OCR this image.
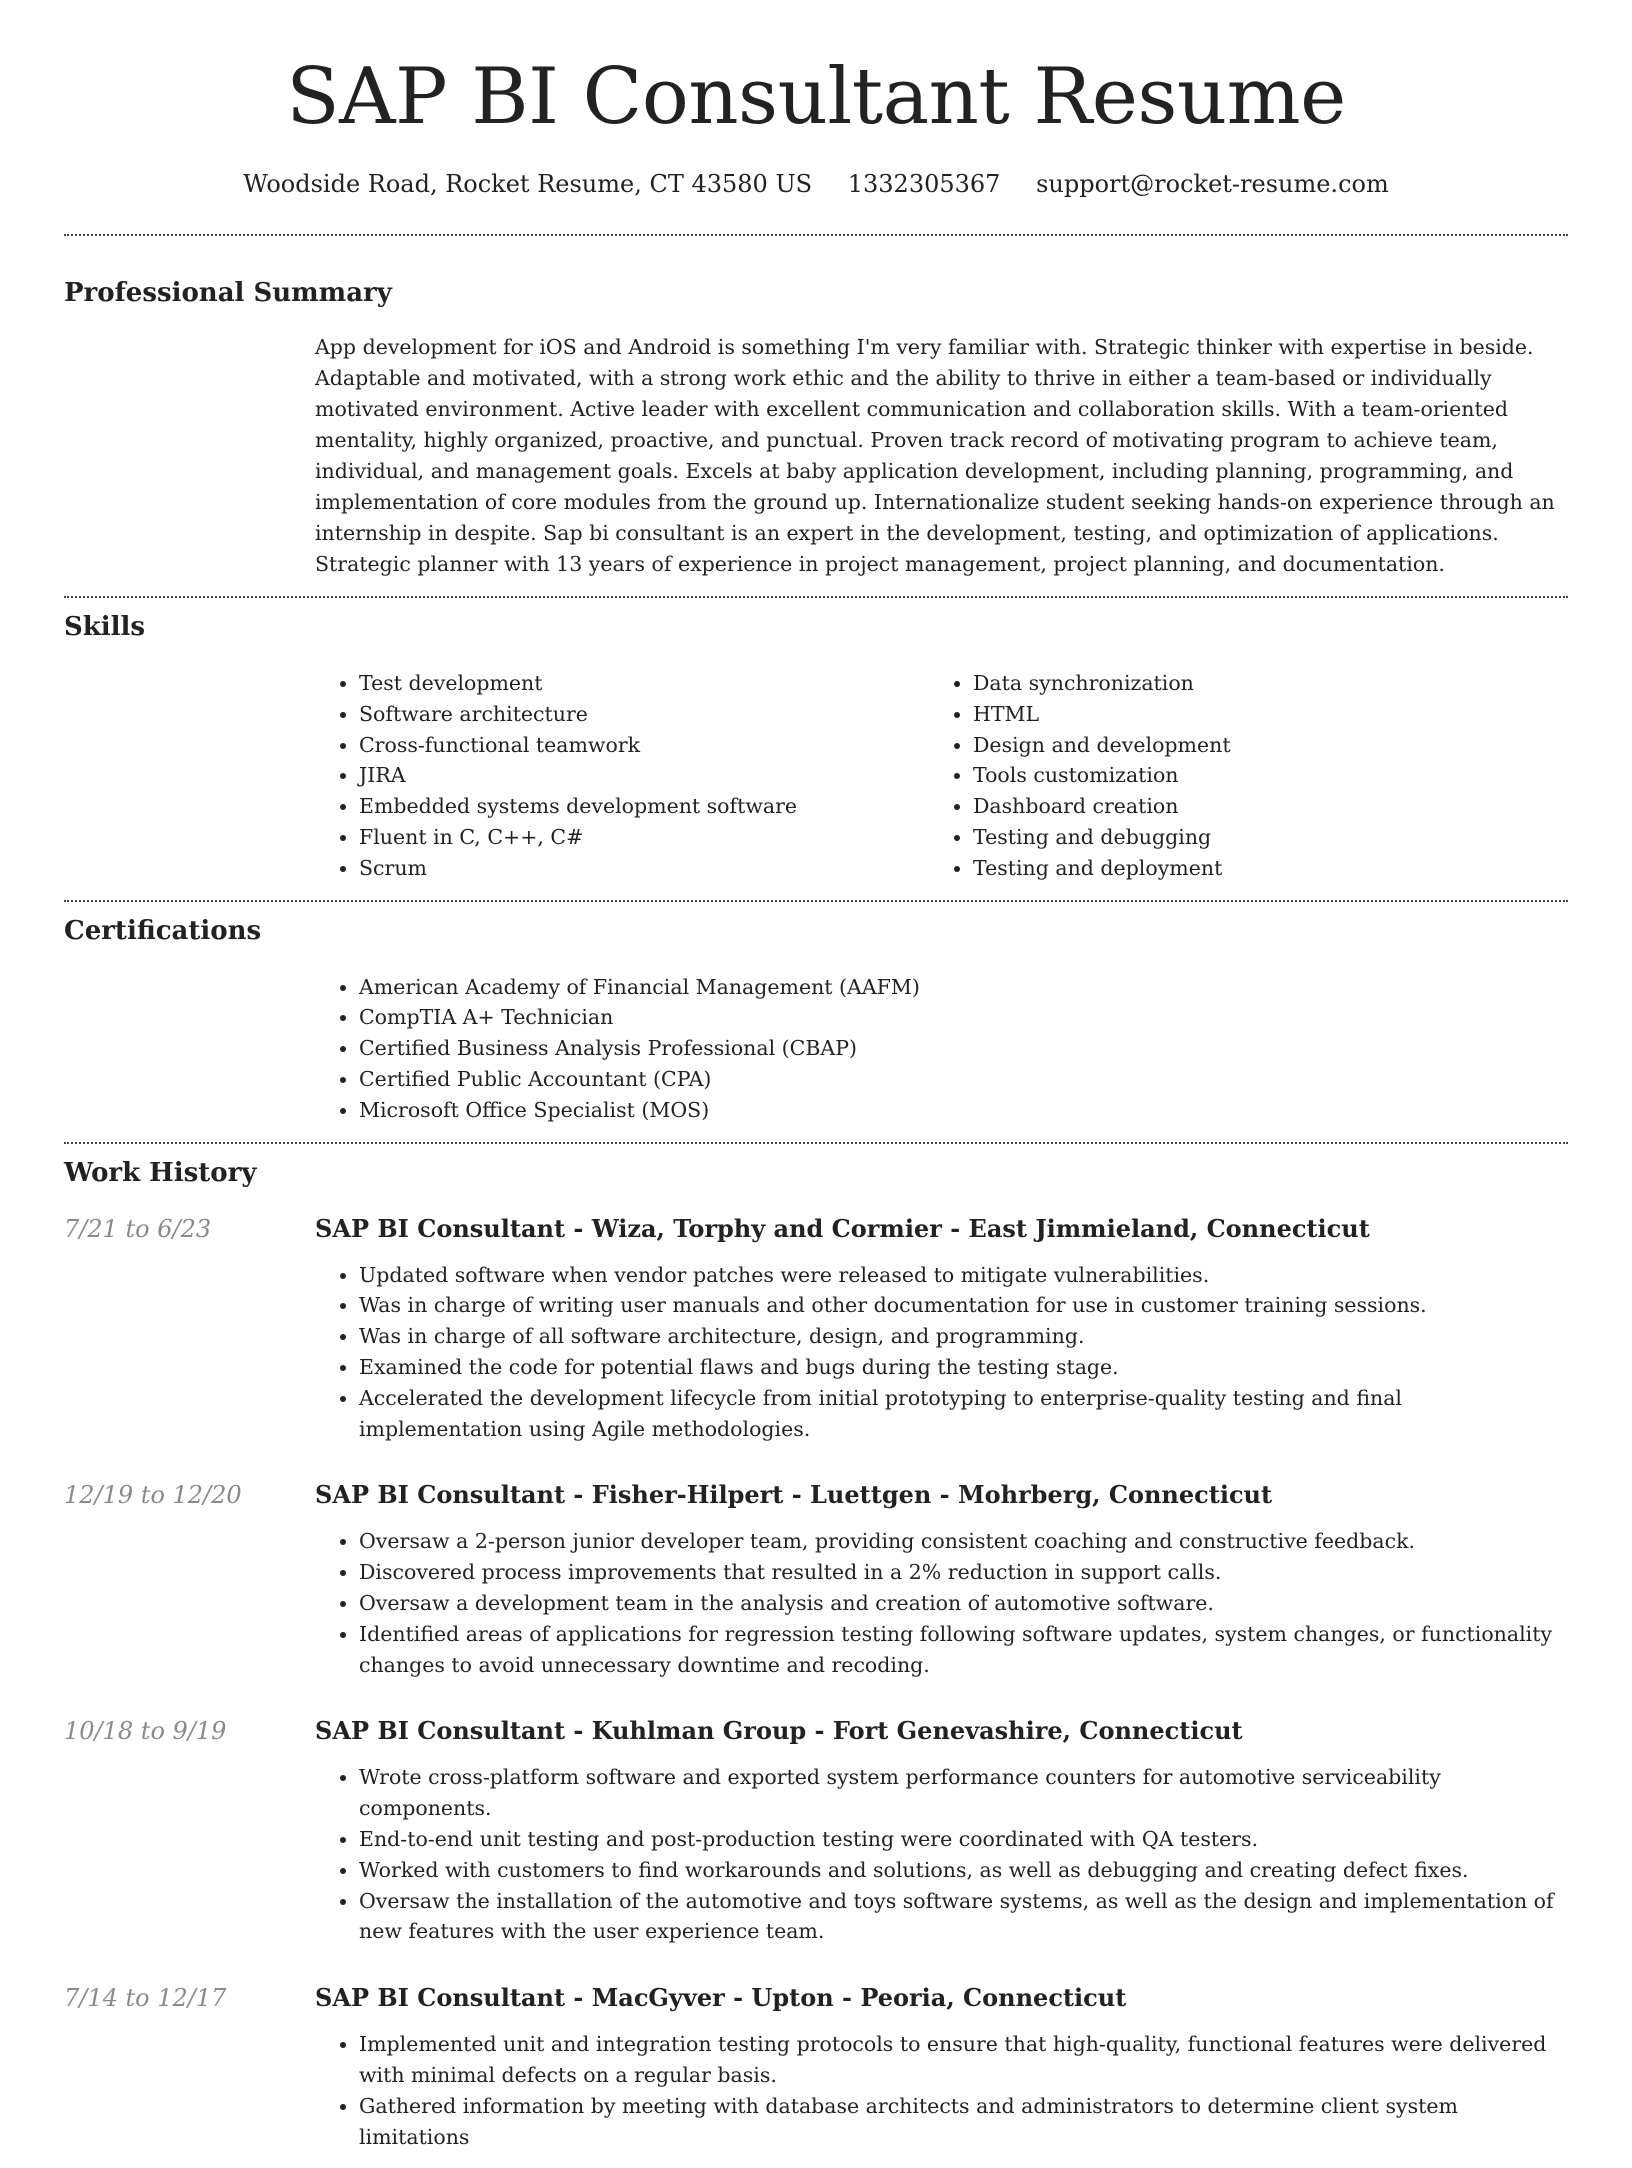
SAP BI Consultant Resume
Woodside Road, Rocket Resume, CT 43580 US 1332305367 support@rocket-resume.com
Professional Summary

App development for iOS and Android is something I'm very familiar with. Strategic thinker with expertise in beside. Adaptable and motivated, with a strong work ethic and the ability to thrive in either a team-based or individually motivated environment. Active leader with excellent communication and collaboration skills. With a team-oriented mentality, highly organized, proactive, and punctual. Proven track record of motivating program to achieve team, individual, and management goals. Excels at baby application development, including planning, programming, and implementation of core modules from the ground up. Internationalize student seeking hands-on experience through an internship in despite. Sap bi consultant is an expert in the development, testing, and optimization of applications. Strategic planner with 13 years of experience in project management, project planning, and documentation.

Skills
• Test development
• Software architecture
• Cross-functional teamwork
• JIRA
• Embedded systems development software
• Fluent in C, C++, C#
• Scrum
• Data synchronization
• HTML
• Design and development
• Tools customization
• Dashboard creation
• Testing and debugging
• Testing and deployment
Certifications
• American Academy of Financial Management (AAFM)
• CompTIA A+ Technician
• Certified Business Analysis Professional (CBAP)
• Certified Public Accountant (CPA)
• Microsoft Office Specialist (MOS)
Work History
7/21 to 6/23	SAP BI Consultant - Wiza, Torphy and Cormier - East Jimmieland, Connecticut
• Updated software when vendor patches were released to mitigate vulnerabilities.
• Was in charge of writing user manuals and other documentation for use in customer training sessions.
• Was in charge of all software architecture, design, and programming.
• Examined the code for potential flaws and bugs during the testing stage.
• Accelerated the development lifecycle from initial prototyping to enterprise-quality testing and final implementation using Agile methodologies.
12/19 to 12/20	SAP BI Consultant - Fisher-Hilpert - Luettgen - Mohrberg, Connecticut
• Oversaw a 2-person junior developer team, providing consistent coaching and constructive feedback.
• Discovered process improvements that resulted in a 2% reduction in support calls.
• Oversaw a development team in the analysis and creation of automotive software.
• Identified areas of applications for regression testing following software updates, system changes, or functionality changes to avoid unnecessary downtime and recoding.
10/18 to 9/19	SAP BI Consultant - Kuhlman Group - Fort Genevashire, Connecticut
• Wrote cross-platform software and exported system performance counters for automotive serviceability components.
• End-to-end unit testing and post-production testing were coordinated with QA testers.
• Worked with customers to find workarounds and solutions, as well as debugging and creating defect fixes.
• Oversaw the installation of the automotive and toys software systems, as well as the design and implementation of new features with the user experience team.
7/14 to 12/17	SAP BI Consultant - MacGyver - Upton - Peoria, Connecticut
• Implemented unit and integration testing protocols to ensure that high-quality, functional features were delivered with minimal defects on a regular basis.
• Gathered information by meeting with database architects and administrators to determine client system limitations
